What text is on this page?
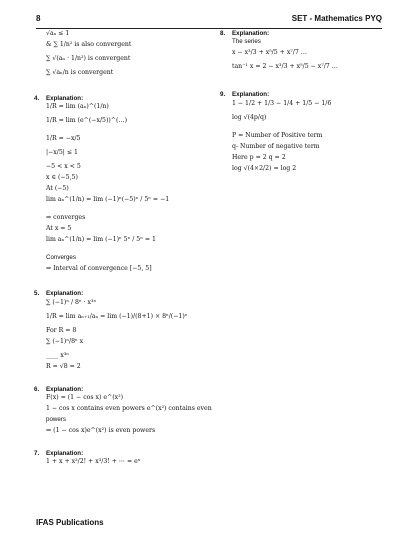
8	SET - Mathematics PYQ
√aₙ ≤ 1
& ∑ 1/n² is also convergent
∑ √(aₙ · 1/n²) is convergent
∑ √aₙ/n is convergent
4. Explanation:
1/R = lim (aₙ)^(1/n)
1/R = lim (e^(−x/5))^(…)
1/R = −x/5
|−x/5| ≤ 1
−5 < x < 5
x ∈ (−5,5)
At (−5)
lim aₙ^(1/n) = lim (−1)ⁿ(−5)ⁿ / 5ⁿ = −1
⇒ converges
At x = 5
lim aₙ^(1/n) = lim (−1)ⁿ 5ⁿ / 5ⁿ = 1
Converges
⇒ Interval of convergence [−5, 5]
5. Explanation:
∑ (−1)ⁿ / 8ⁿ · x³ⁿ
1/R = lim aₙ₊₁/aₙ = lim (−1)/(8+1) × 8ⁿ/(−1)ⁿ
For R = 8
∑ (−1)ⁿ/8ⁿ x
____ x³ⁿ
R = √8 = 2
6. Explanation:
F(x) = (1 − cos x) e^(x²)
1 − cos x contains even powers e^(x²) contains even
powers
⇒ (1 − cos x)e^(x²) is even powers
7. Explanation:
1 + x + x²/2! + x³/3! + ⋯ = eˣ
8. Explanation:
The series
x − x³/3 + x⁵/5 + x⁷/7 …
tan⁻¹ x = 2 − x³/3 + x⁵/5 − x⁷/7 …
9. Explanation:
1 − 1/2 + 1/3 − 1/4 + 1/5 − 1/6
log √(4p/q)
P = Number of Positive term
q- Number of negative term
Here p = 2 q = 2
log √(4×2/2) = log 2
IFAS Publications
